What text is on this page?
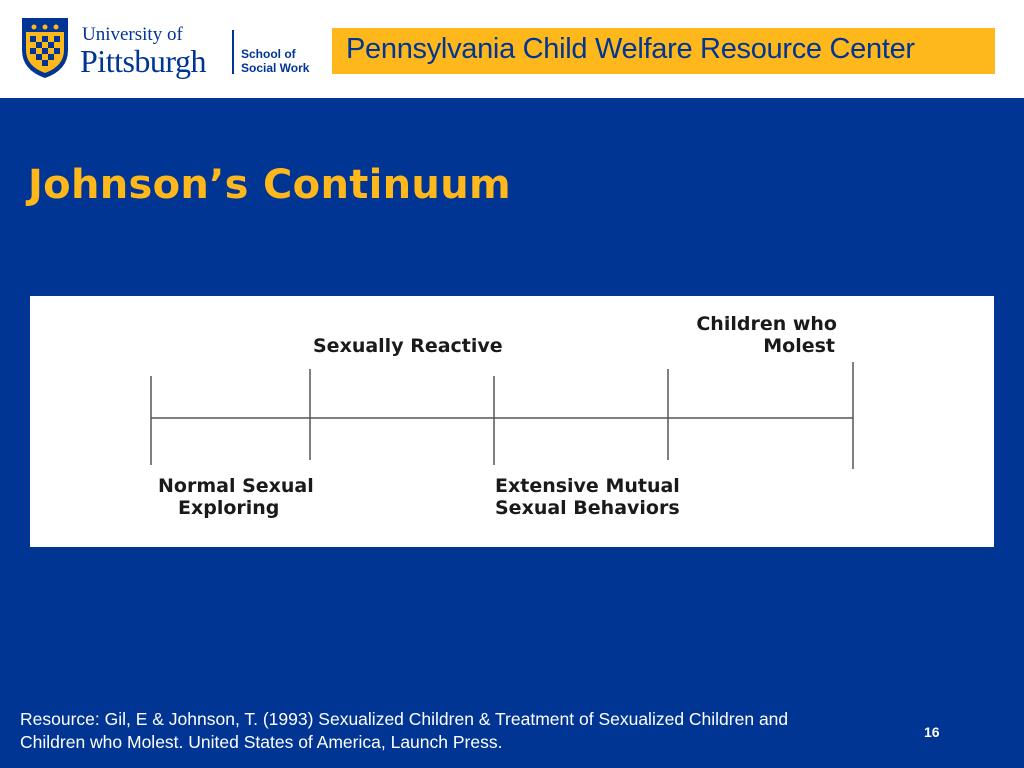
University of
Pittsburgh	School of
Social Work
Pennsylvania Child Welfare Resource Center
Johnson’s Continuum
Sexually Reactive
Children who
Molest
Normal Sexual
Exploring
Extensive Mutual
Sexual Behaviors
Resource: Gil, E & Johnson, T. (1993) Sexualized Children & Treatment of Sexualized Children and
Children who Molest. United States of America, Launch Press.	16
